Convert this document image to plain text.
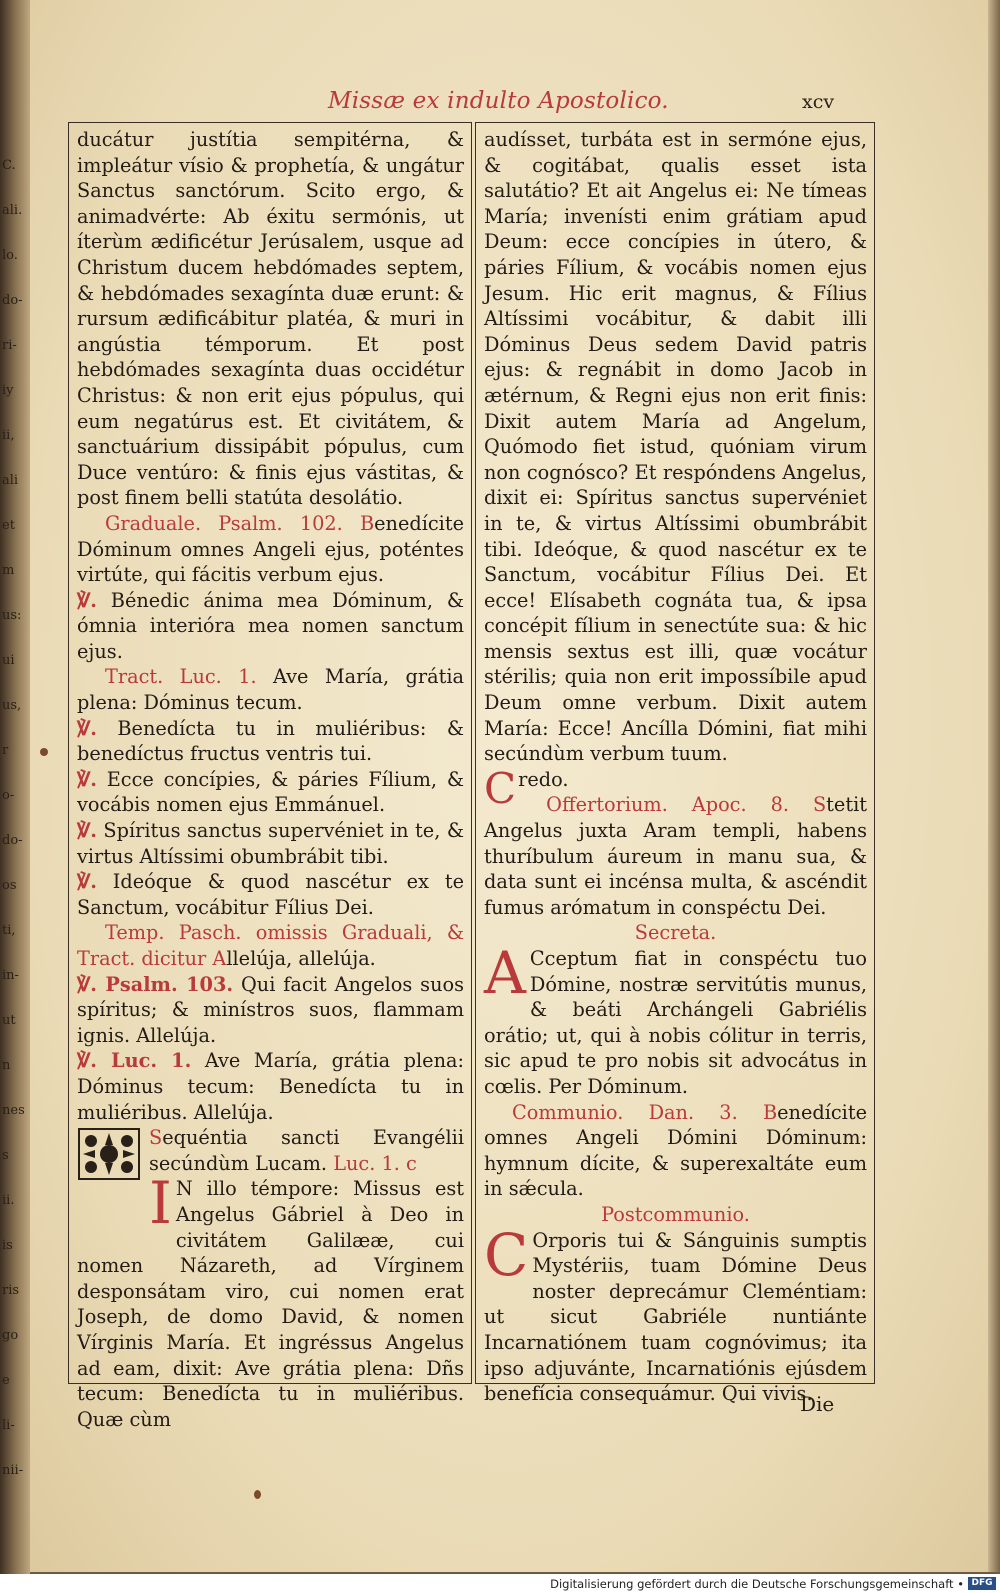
C.
ali.
lo.
do-
ri-
iy
ii,
ali
et
m
us:
ui
us,
r
o-
do-
os
ti,
in-
ut
n
nes
s
ii.
is
ris
go
e
li-
nii-
Missæ ex indulto Apostolico.	xcv

ducátur justítia sempitérna, & impleátur vísio & prophetía, & ungátur Sanctus sanctórum. Scito ergo, & animadvérte: Ab éxitu sermónis, ut íterùm ædificétur Jerúsalem, usque ad Christum ducem hebdómades septem, & hebdómades sexagínta duæ erunt: & rursum ædificábitur platéa, & muri in angústia témporum. Et post hebdómades sexagínta duas occidétur Christus: & non erit ejus pópulus, qui eum negatúrus est. Et civitátem, & sanctuárium dissipábit pópulus, cum Duce ventúro: & finis ejus vástitas, & post finem belli statúta desolátio.

Graduale. Psalm. 102. Benedícite Dóminum omnes Angeli ejus, poténtes virtúte, qui fácitis verbum ejus.

℣. Bénedic ánima mea Dóminum, & ómnia interióra mea nomen sanctum ejus.

Tract. Luc. 1. Ave María, grátia plena: Dóminus tecum.

℣. Benedícta tu in muliéribus: & benedíctus fructus ventris tui.

℣. Ecce concípies, & páries Fílium, & vocábis nomen ejus Emmánuel.

℣. Spíritus sanctus supervéniet in te, & virtus Altíssimi obumbrábit tibi.

℣. Ideóque & quod nascétur ex te Sanctum, vocábitur Fílius Dei.

Temp. Pasch. omissis Graduali, & Tract. dicitur Allelúja, allelúja.

℣. Psalm. 103. Qui facit Angelos suos spíritus; & minístros suos, flammam ignis. Allelúja.

℣. Luc. 1. Ave María, grátia plena: Dóminus tecum: Benedícta tu in muliéribus. Allelúja.

Sequéntia sancti Evangélii secúndùm Lucam. Luc. 1. c

I N illo témpore: Missus est Angelus Gábriel à Deo in civitátem Galilææ, cui nomen Názareth, ad Vírginem desponsátam viro, cui nomen erat Joseph, de domo David, & nomen Vírginis María. Et ingréssus Angelus ad eam, dixit: Ave grátia plena: Dñs tecum: Benedícta tu in muliéribus. Quæ cùm

audísset, turbáta est in sermóne ejus, & cogitábat, qualis esset ista salutátio? Et ait Angelus ei: Ne tímeas María; invenísti enim grátiam apud Deum: ecce concípies in útero, & páries Fílium, & vocábis nomen ejus Jesum. Hic erit magnus, & Fílius Altíssimi vocábitur, & dabit illi Dóminus Deus sedem David patris ejus: & regnábit in domo Jacob in ætérnum, & Regni ejus non erit finis: Dixit autem María ad Angelum, Quómodo fiet istud, quóniam virum non cognósco? Et respóndens Angelus, dixit ei: Spíritus sanctus supervéniet in te, & virtus Altíssimi obumbrábit tibi. Ideóque, & quod nascétur ex te Sanctum, vocábitur Fílius Dei. Et ecce! Elísabeth cognáta tua, & ipsa concépit fílium in senectúte sua: & hic mensis sextus est illi, quæ vocátur stérilis; quia non erit impossíbile apud Deum omne verbum. Dixit autem María: Ecce! Ancílla Dómini, fiat mihi secúndùm verbum tuum.

Credo.

Offertorium. Apoc. 8. Stetit Angelus juxta Aram templi, habens thuríbulum áureum in manu sua, & data sunt ei incénsa multa, & ascéndit fumus arómatum in conspéctu Dei.

Secreta.

A Cceptum fiat in conspéctu tuo Dómine, nostræ servitútis munus, & beáti Archángeli Gabriélis orátio; ut, qui à nobis cólitur in terris, sic apud te pro nobis sit advocátus in cœlis. Per Dóminum.

Communio. Dan. 3. Benedícite omnes Angeli Dómini Dóminum: hymnum dícite, & superexaltáte eum in sǽcula.

Postcommunio.

C Orporis tui & Sánguinis sumptis Mystériis, tuam Dómine Deus noster deprecámur Cleméntiam: ut sicut Gabriéle nuntiánte Incarnatiónem tuam cognóvimus; ita ipso adjuvánte, Incarnatiónis ejúsdem benefícia consequámur. Qui vivis.

Die
Digitalisierung gefördert durch die Deutsche Forschungsgemeinschaft • DFG
